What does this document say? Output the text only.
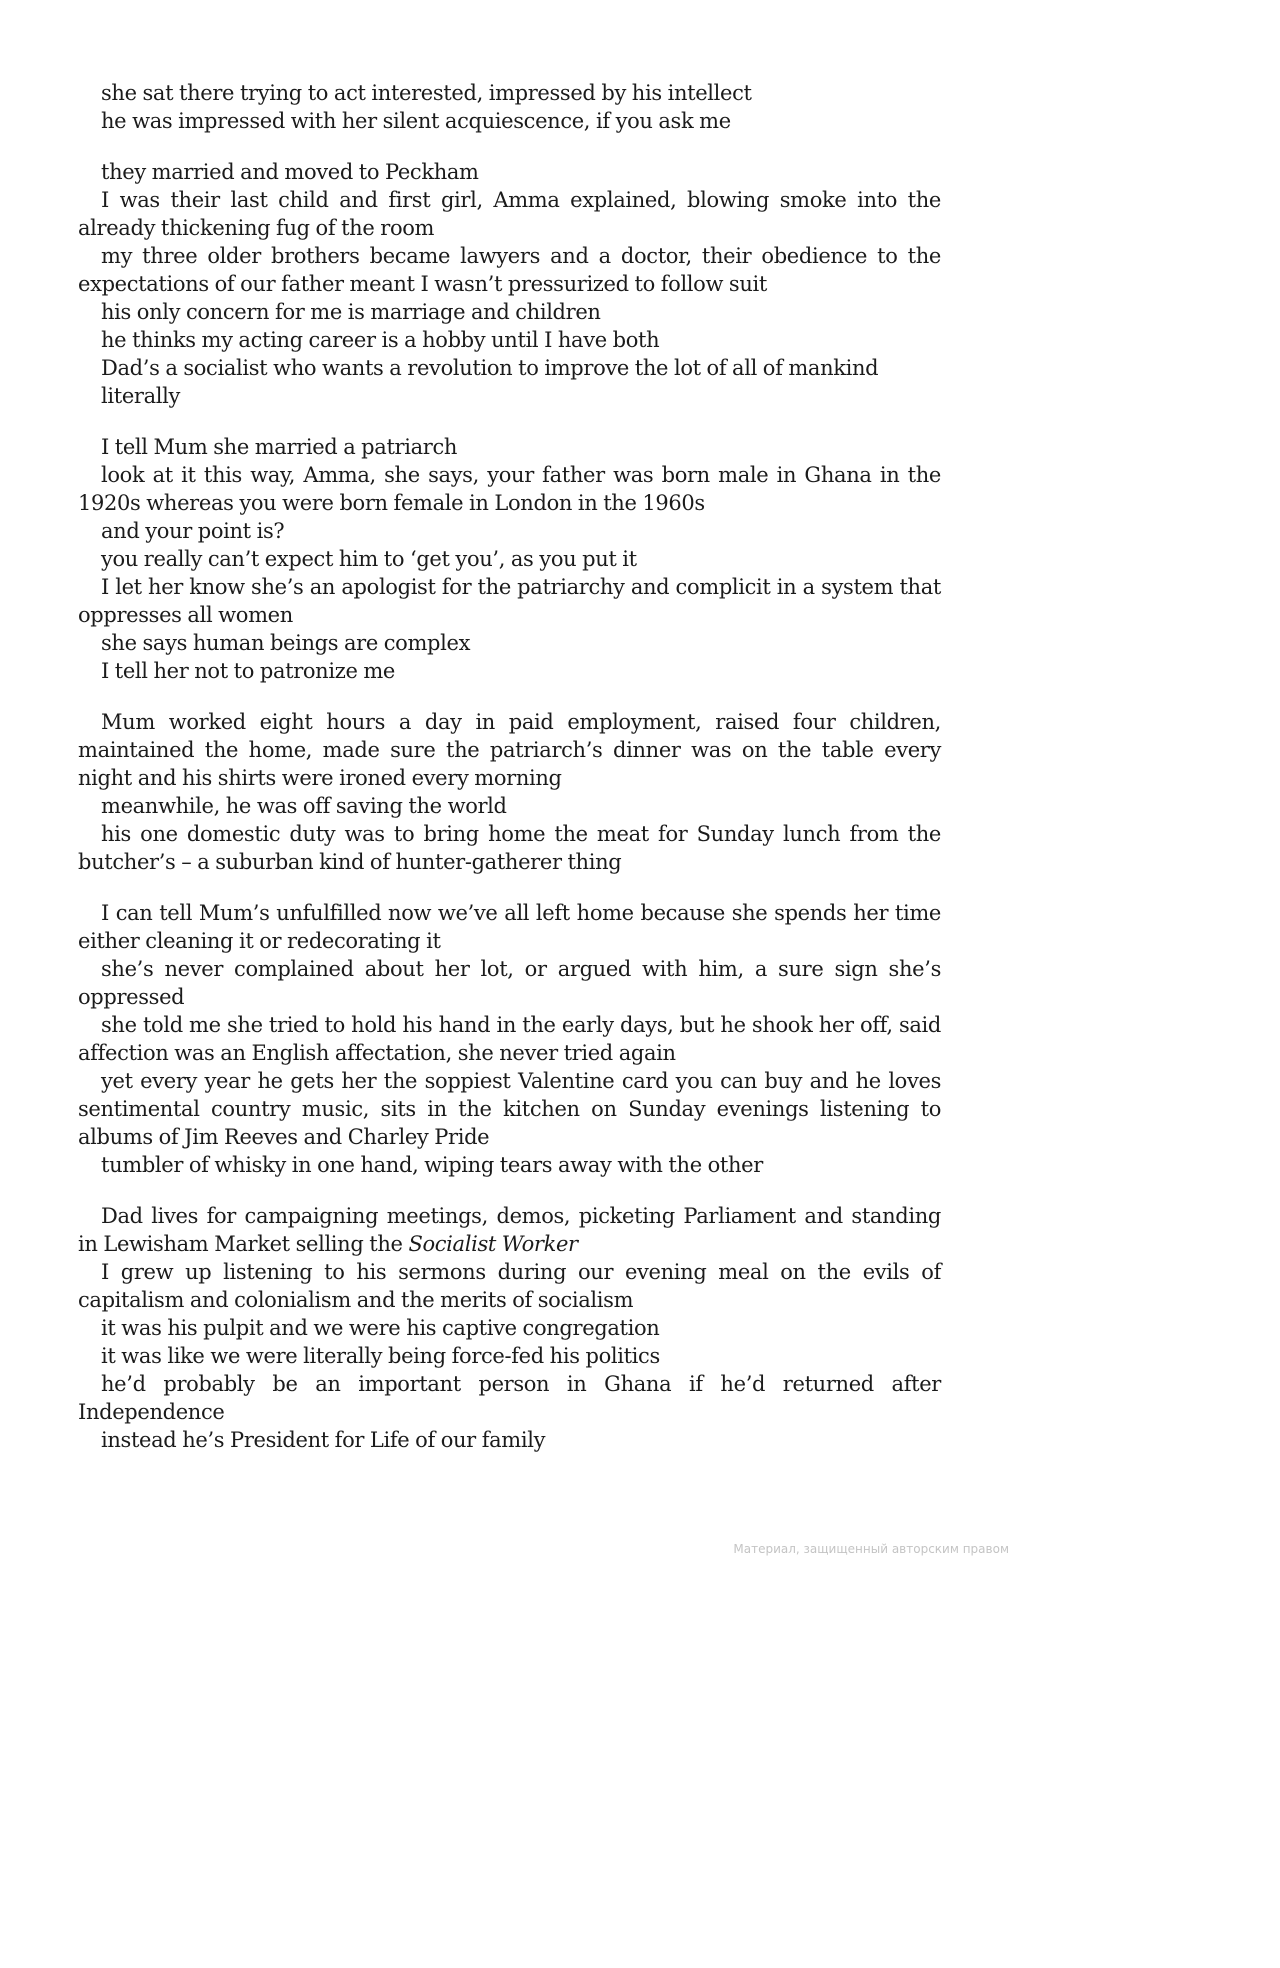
she sat there trying to act interested, impressed by his intellect
he was impressed with her silent acquiescence, if you ask me
they married and moved to Peckham
I was their last child and first girl, Amma explained, blowing smoke into the already thickening fug of the room
my three older brothers became lawyers and a doctor, their obedience to the expectations of our father meant I wasn’t pressurized to follow suit
his only concern for me is marriage and children
he thinks my acting career is a hobby until I have both
Dad’s a socialist who wants a revolution to improve the lot of all of mankind
literally
I tell Mum she married a patriarch
look at it this way, Amma, she says, your father was born male in Ghana in the 1920s whereas you were born female in London in the 1960s
and your point is?
you really can’t expect him to ‘get you’, as you put it
I let her know she’s an apologist for the patriarchy and complicit in a system that oppresses all women
she says human beings are complex
I tell her not to patronize me
Mum worked eight hours a day in paid employment, raised four children, maintained the home, made sure the patriarch’s dinner was on the table every night and his shirts were ironed every morning
meanwhile, he was off saving the world
his one domestic duty was to bring home the meat for Sunday lunch from the butcher’s – a suburban kind of hunter-gatherer thing
I can tell Mum’s unfulfilled now we’ve all left home because she spends her time either cleaning it or redecorating it
she’s never complained about her lot, or argued with him, a sure sign she’s oppressed
she told me she tried to hold his hand in the early days, but he shook her off, said affection was an English affectation, she never tried again
yet every year he gets her the soppiest Valentine card you can buy and he loves sentimental country music, sits in the kitchen on Sunday evenings listening to albums of Jim Reeves and Charley Pride
tumbler of whisky in one hand, wiping tears away with the other
Dad lives for campaigning meetings, demos, picketing Parliament and standing in Lewisham Market selling the Socialist Worker
I grew up listening to his sermons during our evening meal on the evils of capitalism and colonialism and the merits of socialism
it was his pulpit and we were his captive congregation
it was like we were literally being force-fed his politics
he’d probably be an important person in Ghana if he’d returned after Independence
instead he’s President for Life of our family
Материал, защищенный авторским правом
